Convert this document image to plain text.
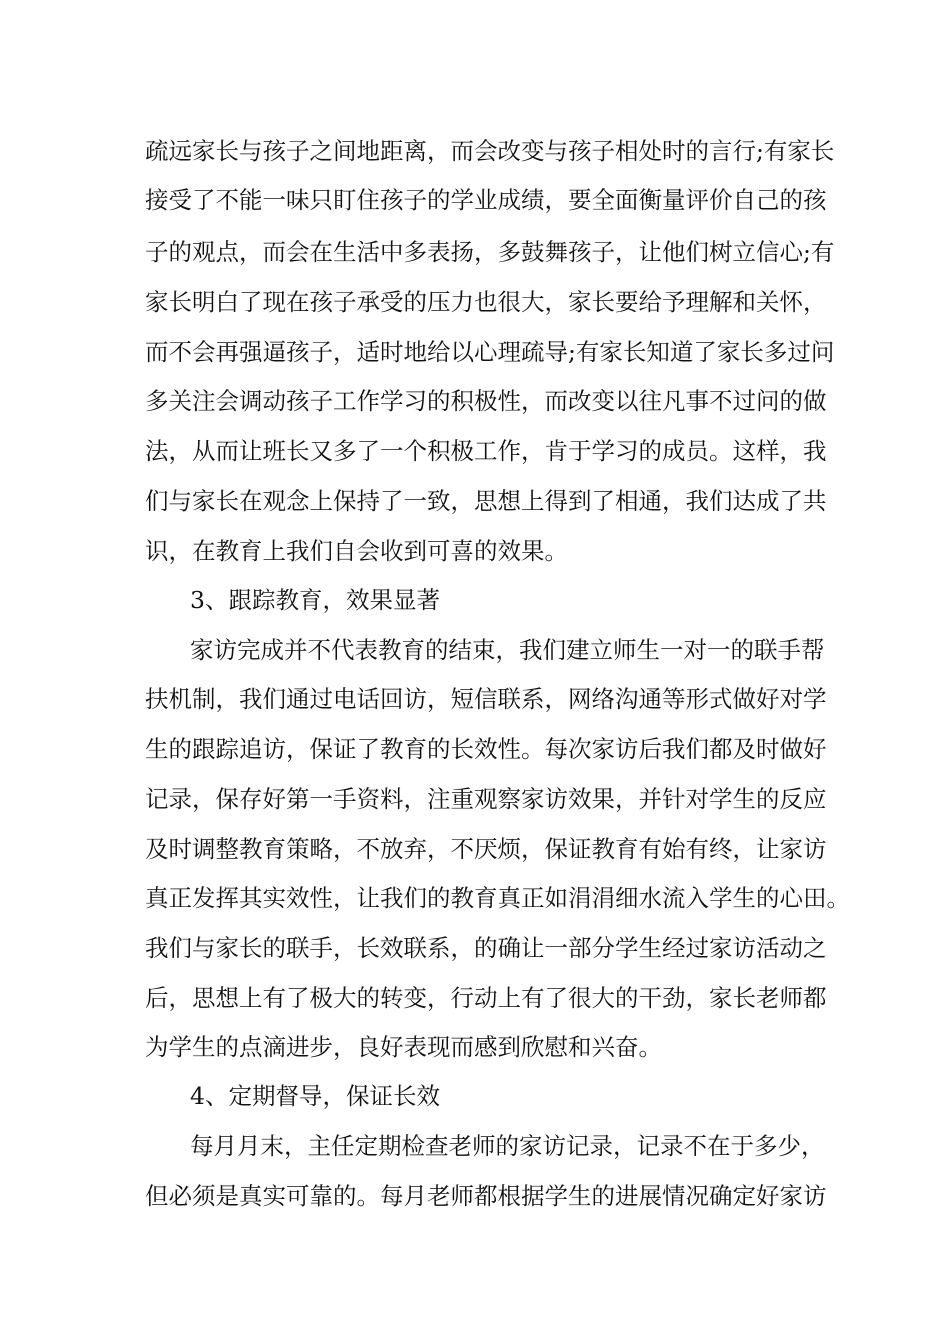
疏远家长与孩子之间地距离，而会改变与孩子相处时的言行;有家长
接受了不能一味只盯住孩子的学业成绩，要全面衡量评价自己的孩
子的观点，而会在生活中多表扬，多鼓舞孩子，让他们树立信心;有
家长明白了现在孩子承受的压力也很大，家长要给予理解和关怀，
而不会再强逼孩子，适时地给以心理疏导;有家长知道了家长多过问
多关注会调动孩子工作学习的积极性，而改变以往凡事不过问的做
法，从而让班长又多了一个积极工作，肯于学习的成员。这样，我
们与家长在观念上保持了一致，思想上得到了相通，我们达成了共
识，在教育上我们自会收到可喜的效果。
3、跟踪教育，效果显著
家访完成并不代表教育的结束，我们建立师生一对一的联手帮
扶机制，我们通过电话回访，短信联系，网络沟通等形式做好对学
生的跟踪追访，保证了教育的长效性。每次家访后我们都及时做好
记录，保存好第一手资料，注重观察家访效果，并针对学生的反应
及时调整教育策略，不放弃，不厌烦，保证教育有始有终，让家访
真正发挥其实效性，让我们的教育真正如涓涓细水流入学生的心田。
我们与家长的联手，长效联系，的确让一部分学生经过家访活动之
后，思想上有了极大的转变，行动上有了很大的干劲，家长老师都
为学生的点滴进步，良好表现而感到欣慰和兴奋。
4、定期督导，保证长效
每月月末，主任定期检查老师的家访记录，记录不在于多少，
但必须是真实可靠的。每月老师都根据学生的进展情况确定好家访
